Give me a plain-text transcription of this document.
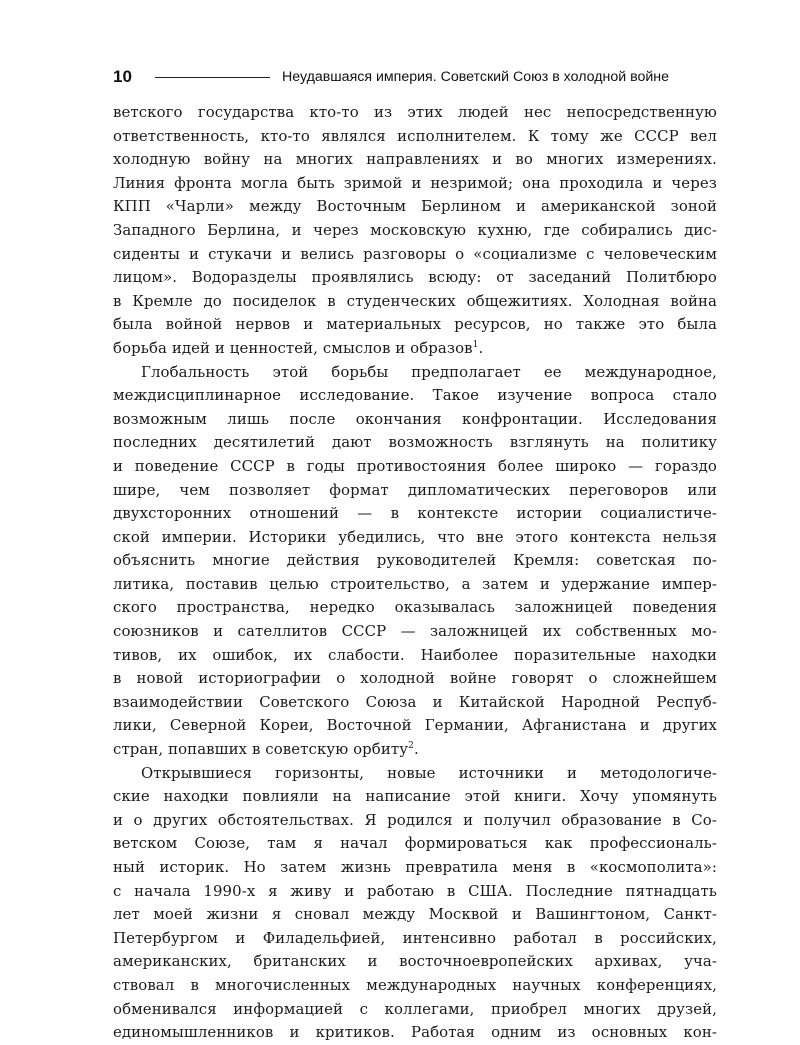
10	Неудавшаяся империя. Советский Союз в холодной войне
ветского государства кто-то из этих людей нес непосредственную
ответственность, кто-то являлся исполнителем. К тому же СССР вел
холодную войну на многих направлениях и во многих измерениях.
Линия фронта могла быть зримой и незримой; она проходила и через
КПП «Чарли» между Восточным Берлином и американской зоной
Западного Берлина, и через московскую кухню, где собирались дис-
сиденты и стукачи и велись разговоры о «социализме с человеческим
лицом». Водоразделы проявлялись всюду: от заседаний Политбюро
в Кремле до посиделок в студенческих общежитиях. Холодная война
была войной нервов и материальных ресурсов, но также это была
борьба идей и ценностей, смыслов и образов$^1$.
Глобальность этой борьбы предполагает ее международное,
междисциплинарное исследование. Такое изучение вопроса стало
возможным лишь после окончания конфронтации. Исследования
последних десятилетий дают возможность взглянуть на политику
и поведение СССР в годы противостояния более широко — гораздо
шире, чем позволяет формат дипломатических переговоров или
двухсторонних отношений — в контексте истории социалистиче-
ской империи. Историки убедились, что вне этого контекста нельзя
объяснить многие действия руководителей Кремля: советская по-
литика, поставив целью строительство, а затем и удержание импер-
ского пространства, нередко оказывалась заложницей поведения
союзников и сателлитов СССР — заложницей их собственных мо-
тивов, их ошибок, их слабости. Наиболее поразительные находки
в новой историографии о холодной войне говорят о сложнейшем
взаимодействии Советского Союза и Китайской Народной Респуб-
лики, Северной Кореи, Восточной Германии, Афганистана и других
стран, попавших в советскую орбиту$^2$.
Открывшиеся горизонты, новые источники и методологиче-
ские находки повлияли на написание этой книги. Хочу упомянуть
и о других обстоятельствах. Я родился и получил образование в Со-
ветском Союзе, там я начал формироваться как профессиональ-
ный историк. Но затем жизнь превратила меня в «космополита»:
с начала 1990-х я живу и работаю в США. Последние пятнадцать
лет моей жизни я сновал между Москвой и Вашингтоном, Санкт-
Петербургом и Филадельфией, интенсивно работал в российских,
американских, британских и восточноевропейских архивах, уча-
ствовал в многочисленных международных научных конференциях,
обменивался информацией с коллегами, приобрел многих друзей,
единомышленников и критиков. Работая одним из основных кон-
